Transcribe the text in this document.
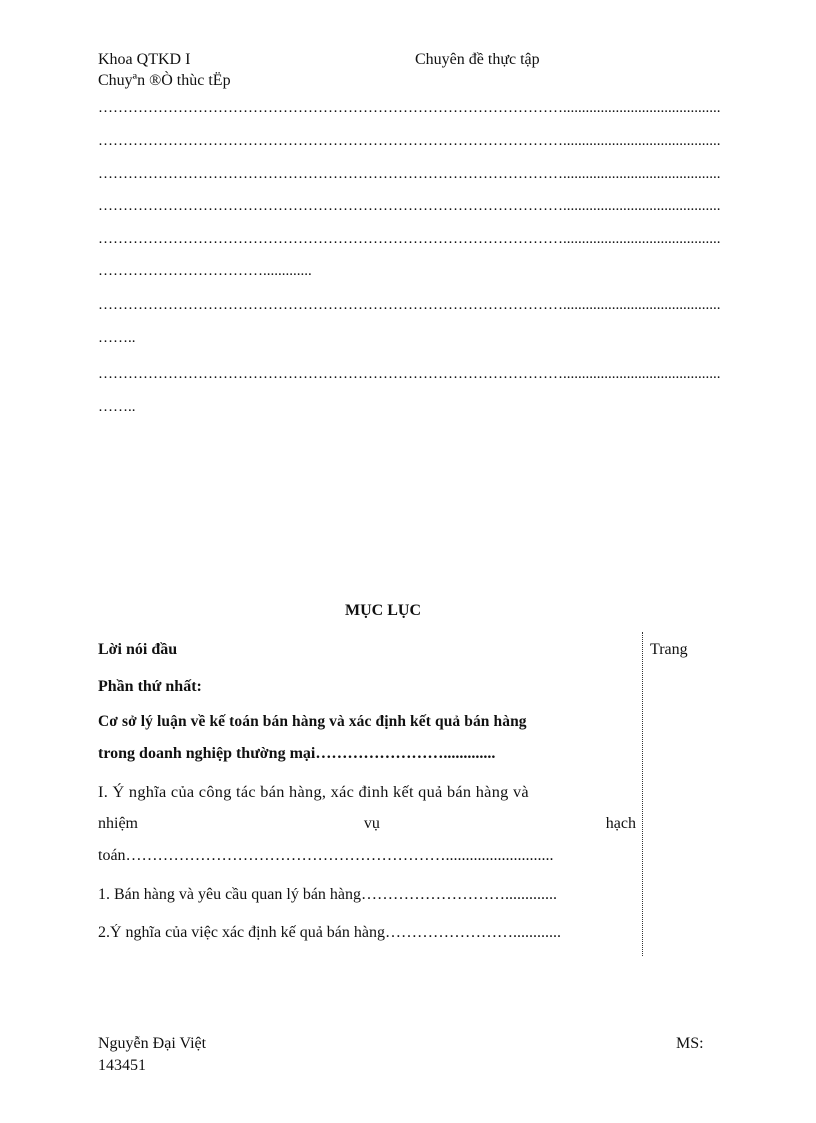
Khoa QTKD I	Chuyên đề thực tập
Chuyªn ®Ò thùc tËp
…………………………………………………………………………………..........................................
…………………………………………………………………………………..........................................
…………………………………………………………………………………..........................................
…………………………………………………………………………………..........................................
…………………………………………………………………………………..........................................
…………………………….............
…………………………………………………………………………………..........................................
……..
…………………………………………………………………………………..........................................
……..
MỤC LỤC
Trang
Lời nói đầu
Phần thứ nhất:
Cơ sở lý luận về kế toán bán hàng và xác định kết quả bán hàng
trong doanh nghiệp thường mại…………………….............
I. Ý nghĩa của công tác bán hàng, xác đinh kết quả bán hàng và
nhiệm	vụ	hạch
toán……………………………………………………...........................
1. Bán hàng và yêu cầu quan lý bán hàng……………………….............
2.Ý nghĩa của việc xác định kế quả bán hàng……………………............
Nguyễn Đại Việt	MS:
143451
